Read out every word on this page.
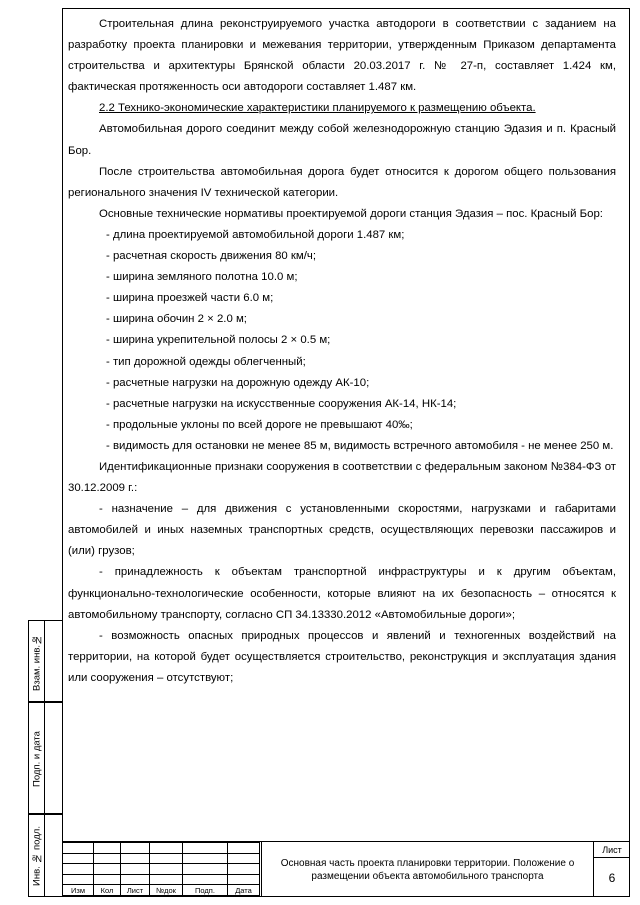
Строительная длина реконструируемого участка автодороги в соответствии с заданием на разработку проекта планировки и межевания территории, утвержденным Приказом департамента строительства и архитектуры Брянской области 20.03.2017 г. № 27-п, составляет 1.424 км, фактическая протяженность оси автодороги составляет 1.487 км.

2.2 Технико-экономические характеристики планируемого к размещению объекта.

Автомобильная дорого соединит между собой железнодорожную станцию Эдазия и п. Красный Бор.

После строительства автомобильная дорога будет относится к дорогом общего пользования регионального значения IV технической категории.

Основные технические нормативы проектируемой дороги станция Эдазия – пос. Красный Бор:

- длина проектируемой автомобильной дороги 1.487 км;

- расчетная скорость движения 80 км/ч;

- ширина земляного полотна 10.0 м;

- ширина проезжей части 6.0 м;

- ширина обочин 2 × 2.0 м;

- ширина укрепительной полосы 2 × 0.5 м;

- тип дорожной одежды облегченный;

- расчетные нагрузки на дорожную одежду АК-10;

- расчетные нагрузки на искусственные сооружения АК-14, НК-14;

- продольные уклоны по всей дороге не превышают 40‰;

- видимость для остановки не менее 85 м, видимость встречного автомобиля - не менее 250 м.

Идентификационные признаки сооружения в соответствии с федеральным законом №384-ФЗ от 30.12.2009 г.:

- назначение – для движения с установленными скоростями, нагрузками и габаритами автомобилей и иных наземных транспортных средств, осуществляющих перевозки пассажиров и (или) грузов;

- принадлежность к объектам транспортной инфраструктуры и к другим объектам, функционально-технологические особенности, которые влияют на их безопасность – относятся к автомобильному транспорту, согласно СП 34.13330.2012 «Автомобильные дороги»;

- возможность опасных природных процессов и явлений и техногенных воздействий на территории, на которой будет осуществляется строительство, реконструкция и эксплуатация здания или сооружения – отсутствуют;

Взам. инв.№
Подп. и дата
Инв. № подл.

Изм	Кол	Лист	№док	Подп.	Дата
Основная часть проекта планировки территории. Положение о размещении объекта автомобильного транспорта
Лист
6
